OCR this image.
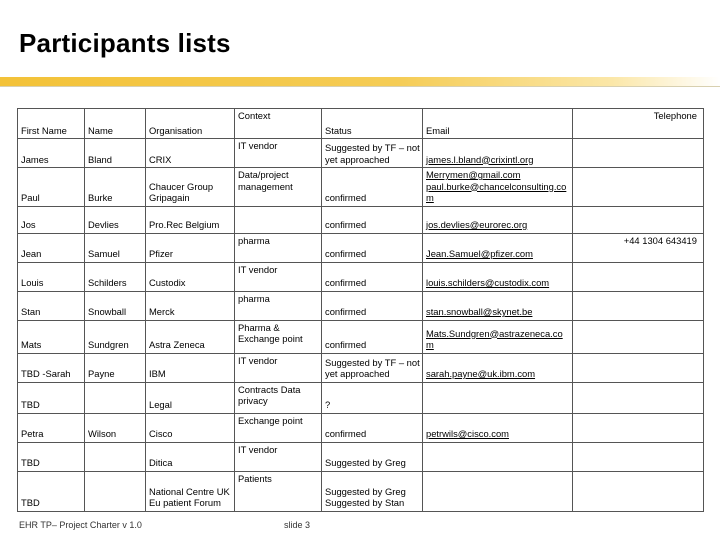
Participants lists
First Name	Name	Organisation	Context	Status	Email	Telephone
James	Bland	CRIX	IT vendor	Suggested by TF – not yet approached	james.l.bland@crixintl.org	
Paul	Burke	Chaucer Group Gripagain	Data/project management	confirmed	Merrymen@gmail.com paul.burke@chancelconsulting.com	
Jos	Devlies	Pro.Rec Belgium		confirmed	jos.devlies@eurorec.org	
Jean	Samuel	Pfizer	pharma	confirmed	Jean.Samuel@pfizer.com	+44 1304 643419
Louis	Schilders	Custodix	IT vendor	confirmed	louis.schilders@custodix.com	
Stan	Snowball	Merck	pharma	confirmed	stan.snowball@skynet.be	
Mats	Sundgren	Astra Zeneca	Pharma & Exchange point	confirmed	Mats.Sundgren@astrazeneca.com	
TBD -Sarah	Payne	IBM	IT vendor	Suggested by TF – not yet approached	sarah.payne@uk.ibm.com	
TBD		Legal	Contracts Data privacy	?		
Petra	Wilson	Cisco	Exchange point	confirmed	petrwils@cisco.com	
TBD		Ditica	IT vendor	Suggested by Greg		
TBD		National Centre UK Eu patient Forum	Patients	Suggested by Greg Suggested by Stan		
EHR TP– Project Charter v 1.0	slide 3
